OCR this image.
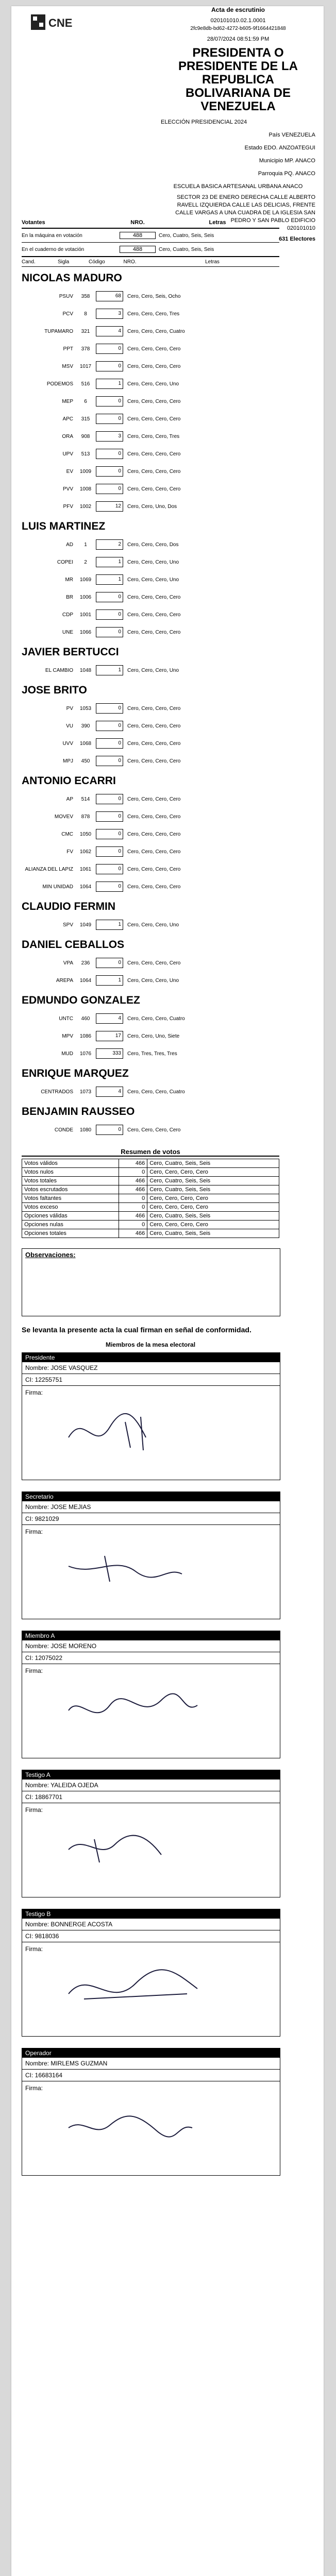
CNE
Acta de escrutinio
020101010.02.1.0001
2fc9e8db-bd62-4272-b605-9f1664421848
28/07/2024 08:51:59 PM
PRESIDENTA O PRESIDENTE DE LA REPUBLICA BOLIVARIANA DE VENEZUELA
ELECCIÓN PRESIDENCIAL 2024
País VENEZUELA
Estado EDO. ANZOATEGUI
Municipio MP. ANACO
Parroquia PQ. ANACO
ESCUELA BASICA ARTESANAL URBANA ANACO
SECTOR 23 DE ENERO DERECHA CALLE ALBERTO RAVELL IZQUIERDA CALLE LAS DELICIAS, FRENTE CALLE VARGAS A UNA CUADRA DE LA IGLESIA SAN PEDRO Y SAN PABLO EDIFICIO
020101010
631 Electores
Votantes	NRO.	Letras
En la máquina en votación	488	Cero, Cuatro, Seis, Seis
En el cuaderno de votación	488	Cero, Cuatro, Seis, Seis
Cand.	Sigla	Código	NRO.	Letras
NICOLAS MADURO
PSUV	358	68	Cero, Cero, Seis, Ocho
PCV	8	3	Cero, Cero, Cero, Tres
TUPAMARO	321	4	Cero, Cero, Cero, Cuatro
PPT	378	0	Cero, Cero, Cero, Cero
MSV	1017	0	Cero, Cero, Cero, Cero
PODEMOS	516	1	Cero, Cero, Cero, Uno
MEP	6	0	Cero, Cero, Cero, Cero
APC	315	0	Cero, Cero, Cero, Cero
ORA	908	3	Cero, Cero, Cero, Tres
UPV	513	0	Cero, Cero, Cero, Cero
EV	1009	0	Cero, Cero, Cero, Cero
PVV	1008	0	Cero, Cero, Cero, Cero
PFV	1002	12	Cero, Cero, Uno, Dos
LUIS MARTINEZ
AD	1	2	Cero, Cero, Cero, Dos
COPEI	2	1	Cero, Cero, Cero, Uno
MR	1069	1	Cero, Cero, Cero, Uno
BR	1006	0	Cero, Cero, Cero, Cero
CDP	1001	0	Cero, Cero, Cero, Cero
UNE	1066	0	Cero, Cero, Cero, Cero
JAVIER BERTUCCI
EL CAMBIO	1048	1	Cero, Cero, Cero, Uno
JOSE BRITO
PV	1053	0	Cero, Cero, Cero, Cero
VU	390	0	Cero, Cero, Cero, Cero
UVV	1068	0	Cero, Cero, Cero, Cero
MPJ	450	0	Cero, Cero, Cero, Cero
ANTONIO ECARRI
AP	514	0	Cero, Cero, Cero, Cero
MOVEV	878	0	Cero, Cero, Cero, Cero
CMC	1050	0	Cero, Cero, Cero, Cero
FV	1062	0	Cero, Cero, Cero, Cero
ALIANZA DEL LAPIZ	1061	0	Cero, Cero, Cero, Cero
MIN UNIDAD	1064	0	Cero, Cero, Cero, Cero
CLAUDIO FERMIN
SPV	1049	1	Cero, Cero, Cero, Uno
DANIEL CEBALLOS
VPA	236	0	Cero, Cero, Cero, Cero
AREPA	1064	1	Cero, Cero, Cero, Uno
EDMUNDO GONZALEZ
UNTC	460	4	Cero, Cero, Cero, Cuatro
MPV	1086	17	Cero, Cero, Uno, Siete
MUD	1076	333	Cero, Tres, Tres, Tres
ENRIQUE MARQUEZ
CENTRADOS	1073	4	Cero, Cero, Cero, Cuatro
BENJAMIN RAUSSEO
CONDE	1080	0	Cero, Cero, Cero, Cero
Resumen de votos
Votos válidos	466	Cero, Cuatro, Seis, Seis
Votos nulos	0	Cero, Cero, Cero, Cero
Votos totales	466	Cero, Cuatro, Seis, Seis
Votos escrutados	466	Cero, Cuatro, Seis, Seis
Votos faltantes	0	Cero, Cero, Cero, Cero
Votos exceso	0	Cero, Cero, Cero, Cero
Opciones válidas	466	Cero, Cuatro, Seis, Seis
Opciones nulas	0	Cero, Cero, Cero, Cero
Opciones totales	466	Cero, Cuatro, Seis, Seis
Observaciones:
Se levanta la presente acta la cual firman en señal de conformidad.
Miembros de la mesa electoral
Presidente
Nombre: JOSE VASQUEZ
CI: 12255751
Firma:
Secretario
Nombre: JOSE MEJIAS
CI: 9821029
Firma:
Miembro A
Nombre: JOSE MORENO
CI: 12075022
Firma:
Testigo A
Nombre: YALEIDA OJEDA
CI: 18867701
Firma:
Testigo B
Nombre: BONNERGE ACOSTA
CI: 9818036
Firma:
Operador
Nombre: MIRLEMS GUZMAN
CI: 16683164
Firma:
